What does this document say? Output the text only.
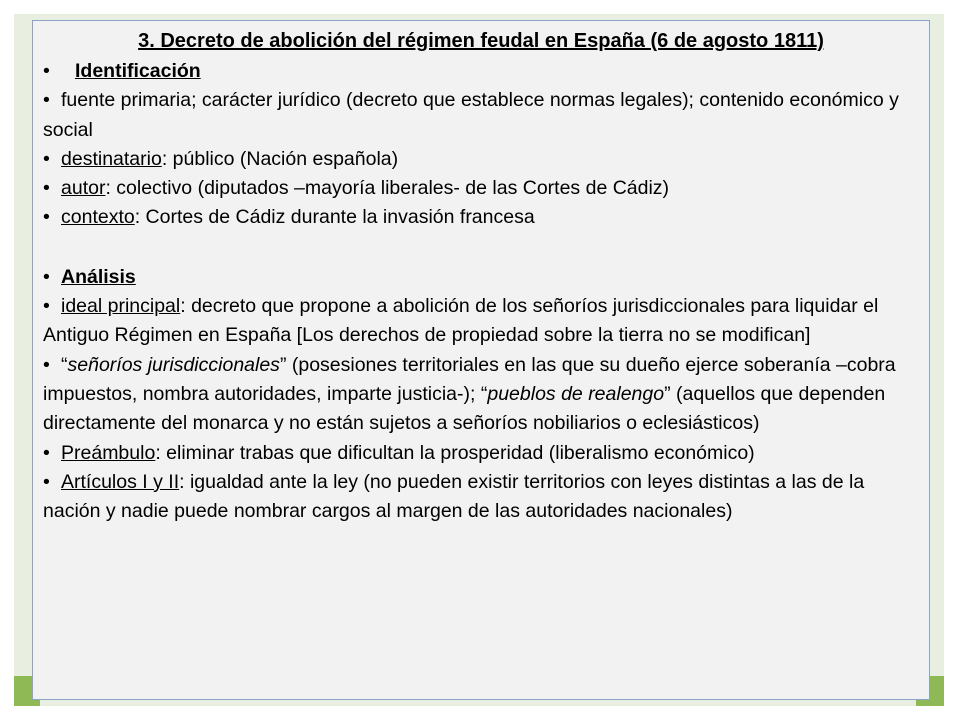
3. Decreto de abolición del régimen feudal en España (6 de agosto 1811)

• Identificación

• fuente primaria; carácter jurídico (decreto que establece normas legales); contenido económico y social

• destinatario: público (Nación española)

• autor: colectivo (diputados –mayoría liberales- de las Cortes de Cádiz)

• contexto: Cortes de Cádiz durante la invasión francesa

• Análisis

• ideal principal: decreto que propone a abolición de los señoríos jurisdiccionales para liquidar el Antiguo Régimen en España [Los derechos de propiedad sobre la tierra no se modifican]

• “señoríos jurisdiccionales” (posesiones territoriales en las que su dueño ejerce soberanía –cobra impuestos, nombra autoridades, imparte justicia-); “pueblos de realengo” (aquellos que dependen directamente del monarca y no están sujetos a señoríos nobiliarios o eclesiásticos)

• Preámbulo: eliminar trabas que dificultan la prosperidad (liberalismo económico)

• Artículos I y II: igualdad ante la ley (no pueden existir territorios con leyes distintas a las de la nación y nadie puede nombrar cargos al margen de las autoridades nacionales)
